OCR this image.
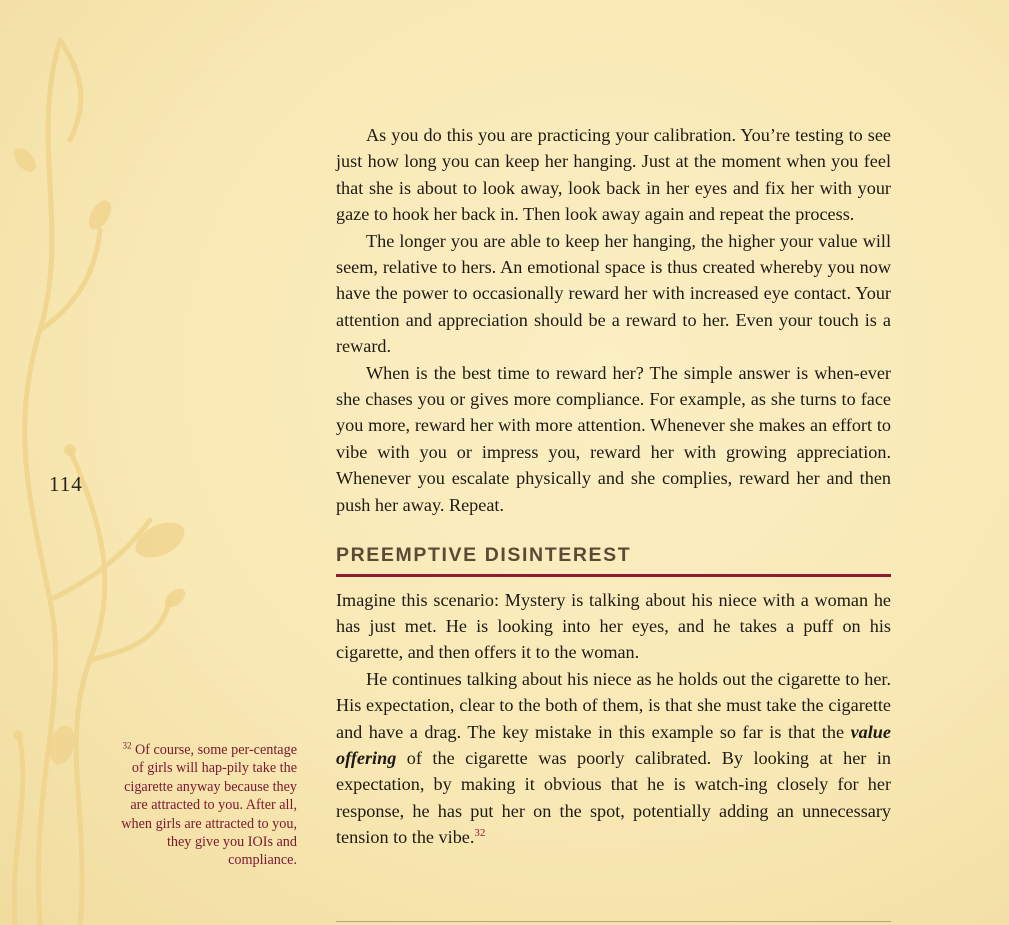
114

As you do this you are practicing your calibration. You’re testing to see just how long you can keep her hanging. Just at the moment when you feel that she is about to look away, look back in her eyes and fix her with your gaze to hook her back in. Then look away again and repeat the process.

The longer you are able to keep her hanging, the higher your value will seem, relative to hers. An emotional space is thus created whereby you now have the power to occasionally reward her with increased eye contact. Your attention and appreciation should be a reward to her. Even your touch is a reward.

When is the best time to reward her? The simple answer is when-ever she chases you or gives more compliance. For example, as she turns to face you more, reward her with more attention. Whenever she makes an effort to vibe with you or impress you, reward her with growing appreciation. Whenever you escalate physically and she complies, reward her and then push her away. Repeat.

PREEMPTIVE DISINTEREST

Imagine this scenario: Mystery is talking about his niece with a woman he has just met. He is looking into her eyes, and he takes a puff on his cigarette, and then offers it to the woman.

He continues talking about his niece as he holds out the cigarette to her. His expectation, clear to the both of them, is that she must take the cigarette and have a drag. The key mistake in this example so far is that the value offering of the cigarette was poorly calibrated. By looking at her in expectation, by making it obvious that he is watch-ing closely for her response, he has put her on the spot, potentially adding an unnecessary tension to the vibe.$^{32}$

$^{32}$ Of course, some per-centage of girls will hap-pily take the cigarette anyway because they are attracted to you. After all, when girls are attracted to you, they give you IOIs and compliance.
